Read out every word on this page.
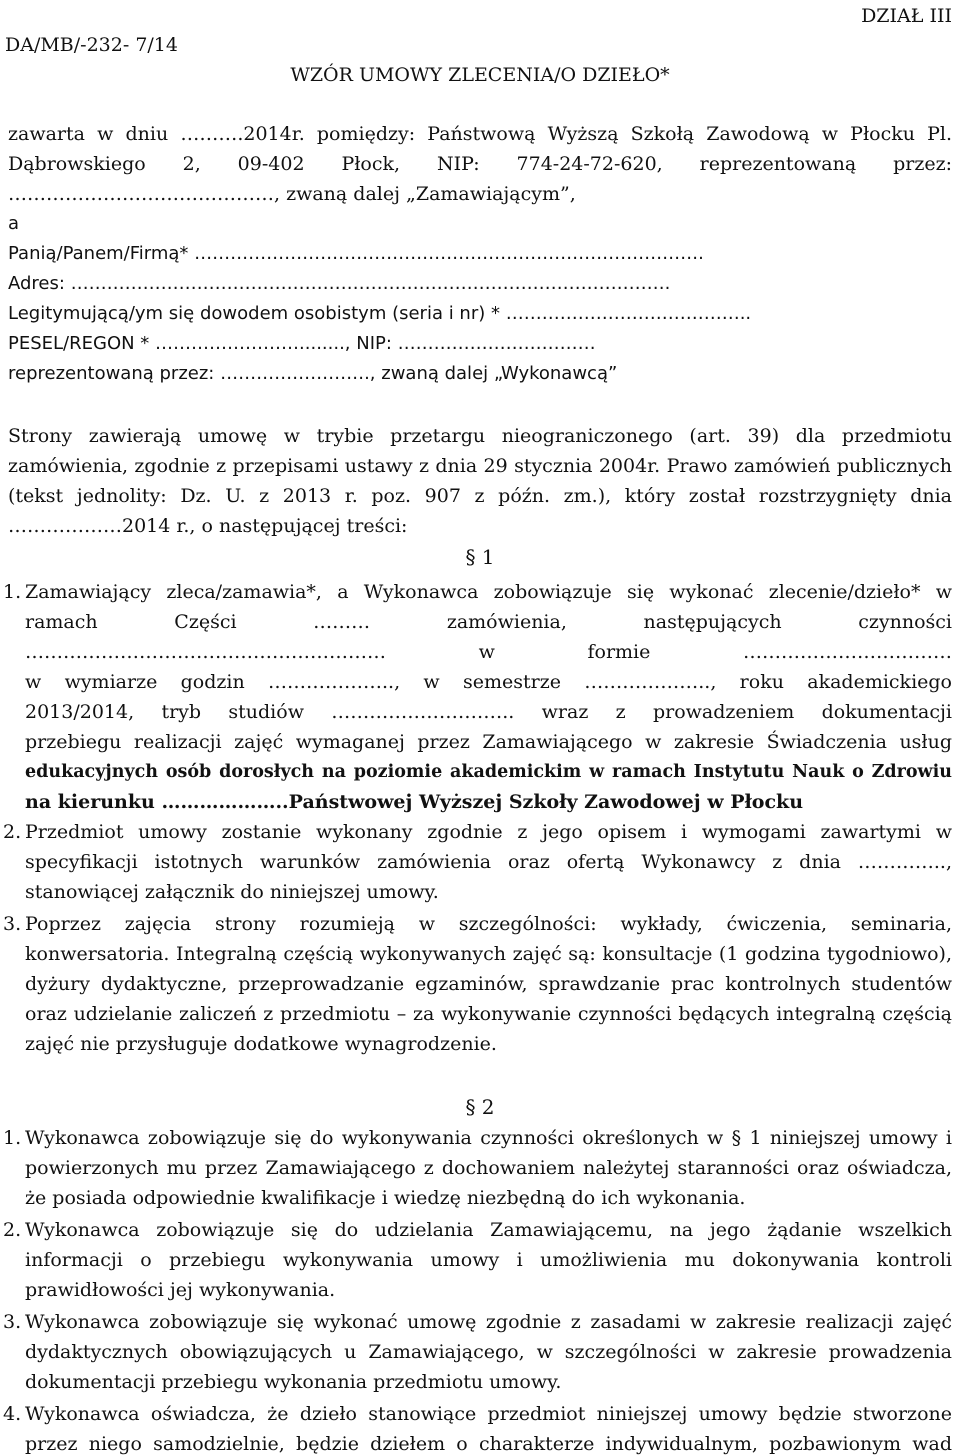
DA/MB/-232- 7/14
DZIAŁ III
WZÓR UMOWY ZLECENIA/O DZIEŁO*
zawarta w dniu ……….2014r. pomiędzy: Państwową Wyższą Szkołą Zawodową w Płocku Pl.
Dąbrowskiego 2, 09-402 Płock, NIP: 774-24-72-620, reprezentowaną przez:
……………………………………, zwaną dalej „Zamawiającym”,
a
Panią/Panem/Firmą* ………………………………………………………………………….
Adres: ……………………………………………………………………………………….
Legitymującą/ym się dowodem osobistym (seria i nr) * …………………………………..
PESEL/REGON * ……………………........, NIP: ……………………………
reprezentowaną przez: ……………………., zwaną dalej „Wykonawcą”
Strony zawierają umowę w trybie przetargu nieograniczonego (art. 39) dla przedmiotu
zamówienia, zgodnie z przepisami ustawy z dnia 29 stycznia 2004r. Prawo zamówień publicznych
(tekst jednolity: Dz. U. z 2013 r. poz. 907 z późn. zm.), który został rozstrzygnięty dnia
………………2014 r., o następującej treści:
§ 1
1. Zamawiający zleca/zamawia*, a Wykonawca zobowiązuje się wykonać zlecenie/dzieło* w
ramach Części ……… zamówienia, następujących czynności
………………………………………………… w formie ……………………………
w wymiarze godzin ……………….., w semestrze ……………….., roku akademickiego
2013/2014, tryb studiów ……………………….. wraz z prowadzeniem dokumentacji
przebiegu realizacji zajęć wymaganej przez Zamawiającego w zakresie Świadczenia usług
edukacyjnych osób dorosłych na poziomie akademickim w ramach Instytutu Nauk o Zdrowiu
na kierunku ………………..Państwowej Wyższej Szkoły Zawodowej w Płocku
2. Przedmiot umowy zostanie wykonany zgodnie z jego opisem i wymogami zawartymi w
specyfikacji istotnych warunków zamówienia oraz ofertą Wykonawcy z dnia …………..,
stanowiącej załącznik do niniejszej umowy.
3. Poprzez zajęcia strony rozumieją w szczególności: wykłady, ćwiczenia, seminaria,
konwersatoria. Integralną częścią wykonywanych zajęć są: konsultacje (1 godzina tygodniowo),
dyżury dydaktyczne, przeprowadzanie egzaminów, sprawdzanie prac kontrolnych studentów
oraz udzielanie zaliczeń z przedmiotu – za wykonywanie czynności będących integralną częścią
zajęć nie przysługuje dodatkowe wynagrodzenie.
§ 2
1. Wykonawca zobowiązuje się do wykonywania czynności określonych w § 1 niniejszej umowy i
powierzonych mu przez Zamawiającego z dochowaniem należytej staranności oraz oświadcza,
że posiada odpowiednie kwalifikacje i wiedzę niezbędną do ich wykonania.
2. Wykonawca zobowiązuje się do udzielania Zamawiającemu, na jego żądanie wszelkich
informacji o przebiegu wykonywania umowy i umożliwienia mu dokonywania kontroli
prawidłowości jej wykonywania.
3. Wykonawca zobowiązuje się wykonać umowę zgodnie z zasadami w zakresie realizacji zajęć
dydaktycznych obowiązujących u Zamawiającego, w szczególności w zakresie prowadzenia
dokumentacji przebiegu wykonania przedmiotu umowy.
4. Wykonawca oświadcza, że dzieło stanowiące przedmiot niniejszej umowy będzie stworzone
przez niego samodzielnie, będzie dziełem o charakterze indywidualnym, pozbawionym wad
